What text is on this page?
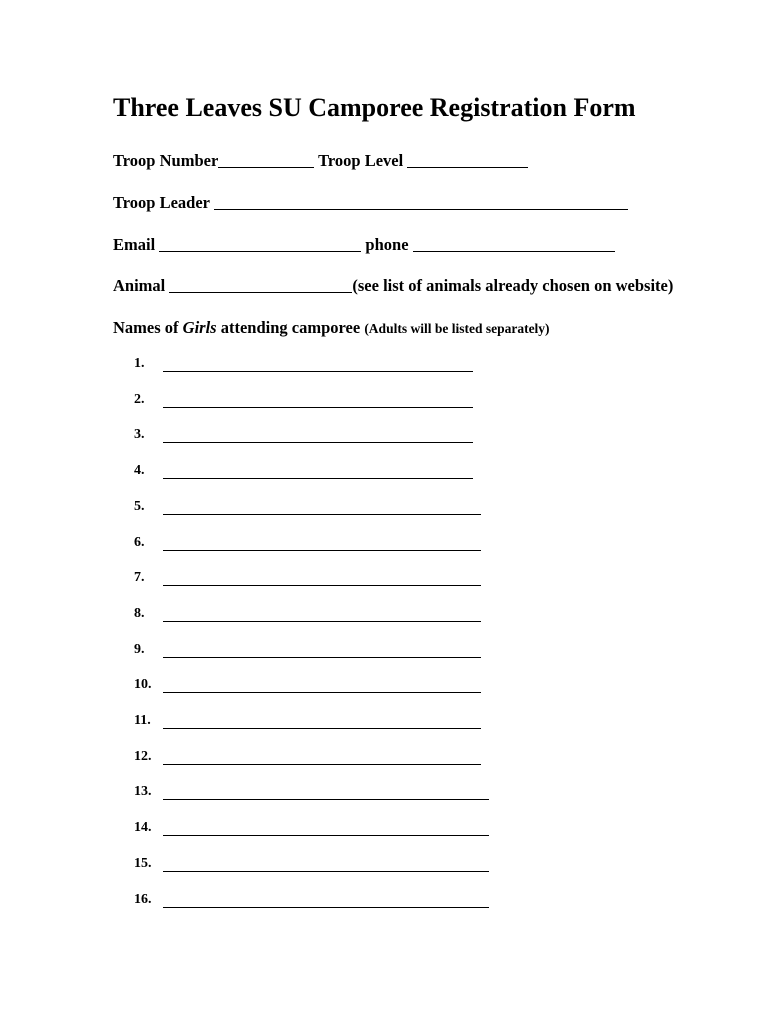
Three Leaves SU Camporee Registration Form
Troop Number	Troop Level
Troop Leader
Email	phone
Animal	(see list of animals already chosen on website)
Names of Girls attending camporee (Adults will be listed separately)
1.
2.
3.
4.
5.
6.
7.
8.
9.
10.
11.
12.
13.
14.
15.
16.
